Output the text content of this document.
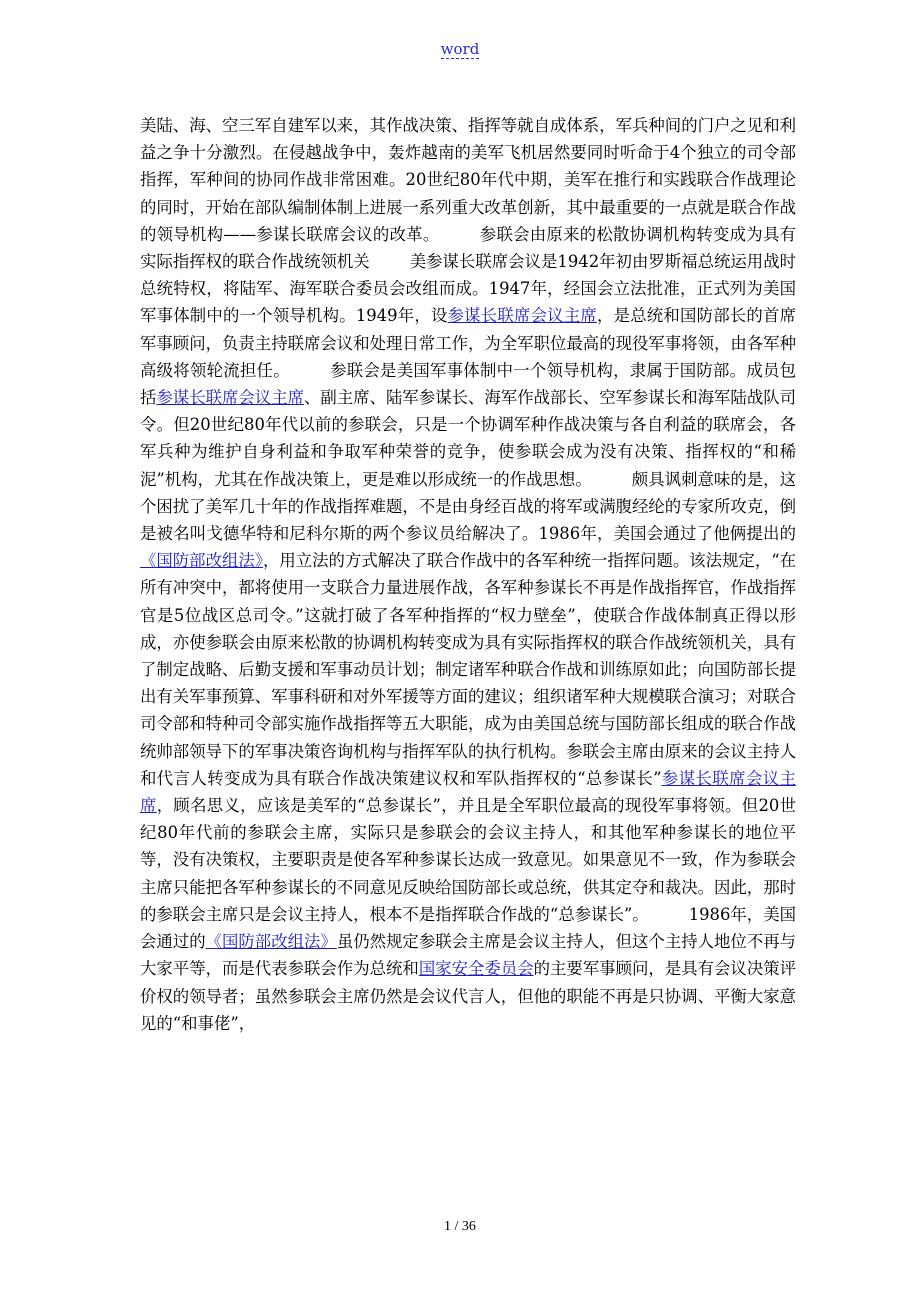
word
美陆、海、空三军自建军以来，其作战决策、指挥等就自成体系，军兵种间的门户之见和利益之争十分激烈。在侵越战争中，轰炸越南的美军飞机居然要同时听命于4个独立的司令部指挥，军种间的协同作战非常困难。20世纪80年代中期，美军在推行和实践联合作战理论的同时，开始在部队编制体制上进展一系列重大改革创新，其中最重要的一点就是联合作战的领导机构——参谋长联席会议的改革。 参联会由原来的松散协调机构转变成为具有实际指挥权的联合作战统领机关 美参谋长联席会议是1942年初由罗斯福总统运用战时总统特权，将陆军、海军联合委员会改组而成。1947年，经国会立法批准，正式列为美国军事体制中的一个领导机构。1949年，设参谋长联席会议主席，是总统和国防部长的首席军事顾问，负责主持联席会议和处理日常工作，为全军职位最高的现役军事将领，由各军种高级将领轮流担任。 参联会是美国军事体制中一个领导机构，隶属于国防部。成员包括参谋长联席会议主席、副主席、陆军参谋长、海军作战部长、空军参谋长和海军陆战队司令。但20世纪80年代以前的参联会，只是一个协调军种作战决策与各自利益的联席会，各军兵种为维护自身利益和争取军种荣誉的竞争，使参联会成为没有决策、指挥权的“和稀泥”机构，尤其在作战决策上，更是难以形成统一的作战思想。 颇具讽刺意味的是，这个困扰了美军几十年的作战指挥难题，不是由身经百战的将军或满腹经纶的专家所攻克，倒是被名叫戈德华特和尼科尔斯的两个参议员给解决了。1986年，美国会通过了他俩提出的《国防部改组法》，用立法的方式解决了联合作战中的各军种统一指挥问题。该法规定，“在所有冲突中，都将使用一支联合力量进展作战，各军种参谋长不再是作战指挥官，作战指挥官是5位战区总司令。”这就打破了各军种指挥的“权力壁垒”，使联合作战体制真正得以形成，亦使参联会由原来松散的协调机构转变成为具有实际指挥权的联合作战统领机关，具有了制定战略、后勤支援和军事动员计划；制定诸军种联合作战和训练原如此；向国防部长提出有关军事预算、军事科研和对外军援等方面的建议；组织诸军种大规模联合演习；对联合司令部和特种司令部实施作战指挥等五大职能，成为由美国总统与国防部长组成的联合作战统帅部领导下的军事决策咨询机构与指挥军队的执行机构。参联会主席由原来的会议主持人和代言人转变成为具有联合作战决策建议权和军队指挥权的“总参谋长”参谋长联席会议主席，顾名思义，应该是美军的“总参谋长”，并且是全军职位最高的现役军事将领。但20世纪80年代前的参联会主席，实际只是参联会的会议主持人，和其他军种参谋长的地位平等，没有决策权，主要职责是使各军种参谋长达成一致意见。如果意见不一致，作为参联会主席只能把各军种参谋长的不同意见反映给国防部长或总统，供其定夺和裁决。因此，那时的参联会主席只是会议主持人，根本不是指挥联合作战的“总参谋长”。 1986年，美国会通过的《国防部改组法》虽仍然规定参联会主席是会议主持人，但这个主持人地位不再与大家平等，而是代表参联会作为总统和国家安全委员会的主要军事顾问，是具有会议决策评价权的领导者；虽然参联会主席仍然是会议代言人，但他的职能不再是只协调、平衡大家意见的“和事佬”，
1 / 36
